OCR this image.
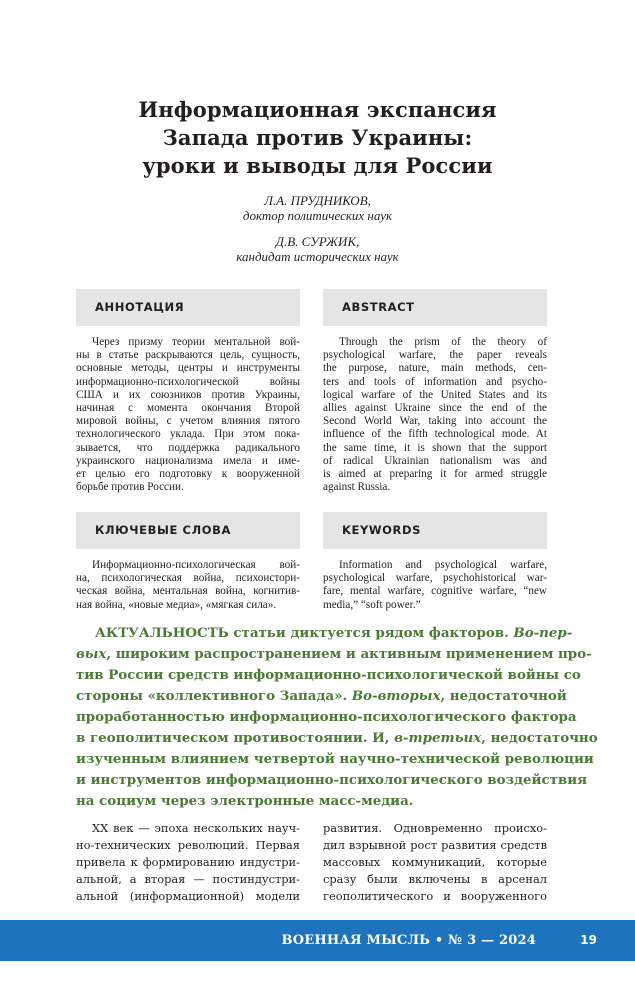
Информационная экспансия
Запада против Украины:
уроки и выводы для России
Л.А. ПРУДНИКОВ,
доктор политических наук
Д.В. СУРЖИК,
кандидат исторических наук
АННОТАЦИЯ	ABSTRACT
Через призму теории ментальной вой-
ны в статье раскрываются цель, сущность,
основные методы, центры и инструменты
информационно-психологической войны
США и их союзников против Украины,
начиная с момента окончания Второй
мировой войны, с учетом влияния пятого
технологического уклада. При этом пока-
зывается, что поддержка радикального
украинского национализма имела и име-
ет целью его подготовку к вооруженной
борьбе против России.
Through the prism of the theory of
psychological warfare, the paper reveals
the purpose, nature, main methods, cen-
ters and tools of information and psycho-
logical warfare of the United States and its
allies against Ukraine since the end of the
Second World War, taking into account the
influence of the fifth technological mode. At
the same time, it is shown that the support
of radical Ukrainian nationalism was and
is aimed at preparing it for armed struggle
against Russia.
КЛЮЧЕВЫЕ СЛОВА	KEYWORDS
Информационно-психологическая вой-
на, психологическая война, психоистори-
ческая война, ментальная война, когнитив-
ная война, «новые медиа», «мягкая сила».
Information and psychological warfare,
psychological warfare, psychohistorical war-
fare, mental warfare, cognitive warfare, “new
media,” “soft power.”
АКТУАЛЬНОСТЬ статьи диктуется рядом факторов. Во-пер-
вых, широким распространением и активным применением про-
тив России средств информационно-психологической войны со
стороны «коллективного Запада». Во-вторых, недостаточной
проработанностью информационно-психологического фактора
в геополитическом противостоянии. И, в-третьих, недостаточно
изученным влиянием четвертой научно-технической революции
и инструментов информационно-психологического воздействия
на социум через электронные масс-медиа.
XX век — эпоха нескольких науч-
но-технических революций. Первая
привела к формированию индустри-
альной, а вторая — постиндустри-
альной (информационной) модели
развития. Одновременно происхо-
дил взрывной рост развития средств
массовых коммуникаций, которые
сразу были включены в арсенал
геополитического и вооруженного
ВОЕННАЯ МЫСЛЬ • № 3 — 2024	19
